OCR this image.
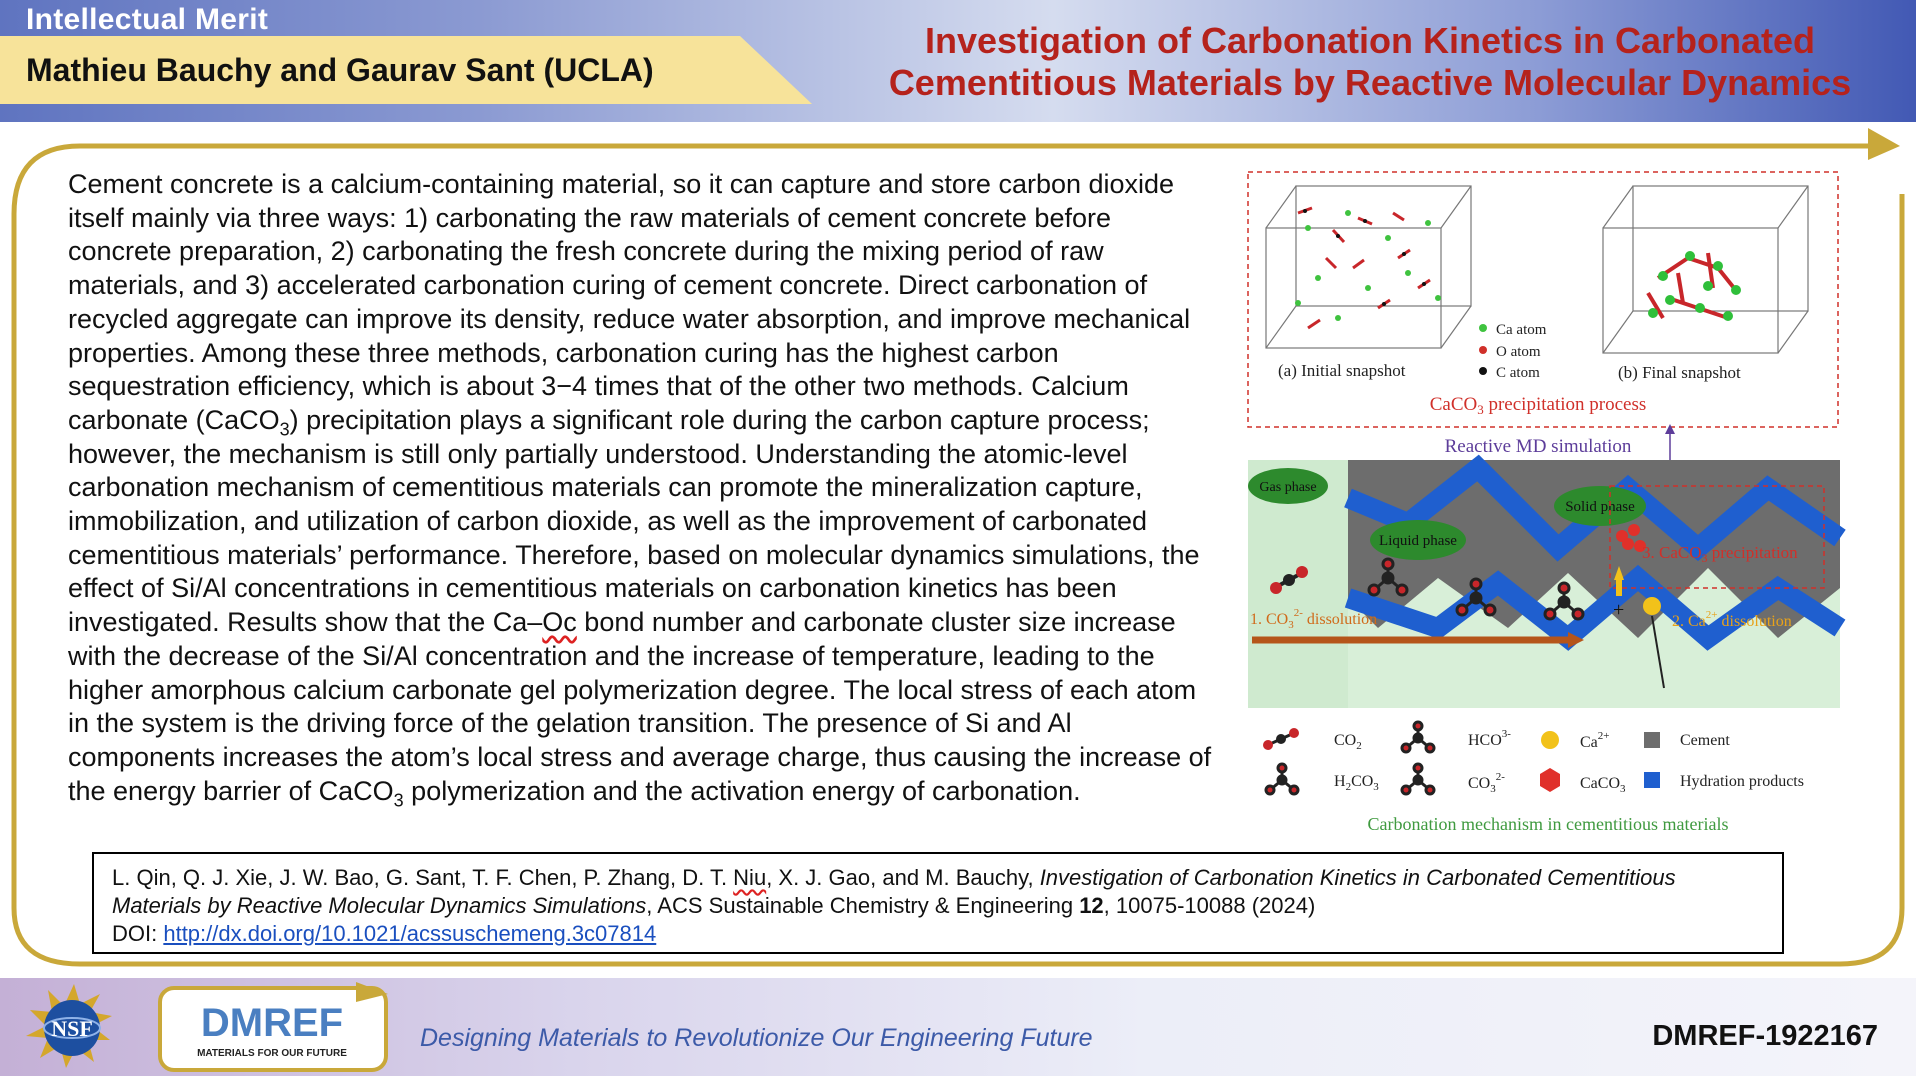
Intellectual Merit
Mathieu Bauchy and Gaurav Sant (UCLA)
Investigation of Carbonation Kinetics in Carbonated
Cementitious Materials by Reactive Molecular Dynamics
Cement concrete is a calcium-containing material, so it can capture and store carbon dioxide itself mainly via three ways: 1) carbonating the raw materials of cement concrete before concrete preparation, 2) carbonating the fresh concrete during the mixing period of raw materials, and 3) accelerated carbonation curing of cement concrete. Direct carbonation of recycled aggregate can improve its density, reduce water absorption, and improve mechanical properties. Among these three methods, carbonation curing has the highest carbon sequestration efficiency, which is about 3−4 times that of the other two methods. Calcium carbonate (CaCO$_3$) precipitation plays a significant role during the carbon capture process; however, the mechanism is still only partially understood. Understanding the atomic-level carbonation mechanism of cementitious materials can promote the mineralization capture, immobilization, and utilization of carbon dioxide, as well as the improvement of carbonated cementitious materials’ performance. Therefore, based on molecular dynamics simulations, the effect of Si/Al concentrations in cementitious materials on carbonation kinetics has been investigated. Results show that the Ca–Oc bond number and carbonate cluster size increase with the decrease of the Si/Al concentration and the increase of temperature, leading to the higher amorphous calcium carbonate gel polymerization degree. The local stress of each atom in the system is the driving force of the gelation transition. The presence of Si and Al components increases the atom’s local stress and average charge, thus causing the increase of the energy barrier of CaCO$_3$ polymerization and the activation energy of carbonation.
(a) Initial snapshot
Ca atom
O atom
C atom	(b) Final snapshot
CaCO$_3$ precipitation process
Reactive MD simulation
Gas phase
Liquid phase
Solid phase
3. CaCO$_3$ precipitation
+
1. $CO_3^{2-}$ dissolution	2. $Ca^{2+}$ dissolution
$CO_2$	$HCO^{3-}$	$Ca^{2+}$	Cement
$H_2CO_3$	$CO_3^{2-}$	CaCO$_3$	Hydration products
Carbonation mechanism in cementitious materials
L. Qin, Q. J. Xie, J. W. Bao, G. Sant, T. F. Chen, P. Zhang, D. T. Niu, X. J. Gao, and M. Bauchy, Investigation of Carbonation Kinetics in Carbonated Cementitious Materials by Reactive Molecular Dynamics Simulations, ACS Sustainable Chemistry & Engineering 12, 10075-10088 (2024)
DOI: http://dx.doi.org/10.1021/acssuschemeng.3c07814
NSF	DMREF
MATERIALS FOR OUR FUTURE
Designing Materials to Revolutionize Our Engineering Future	DMREF-1922167
